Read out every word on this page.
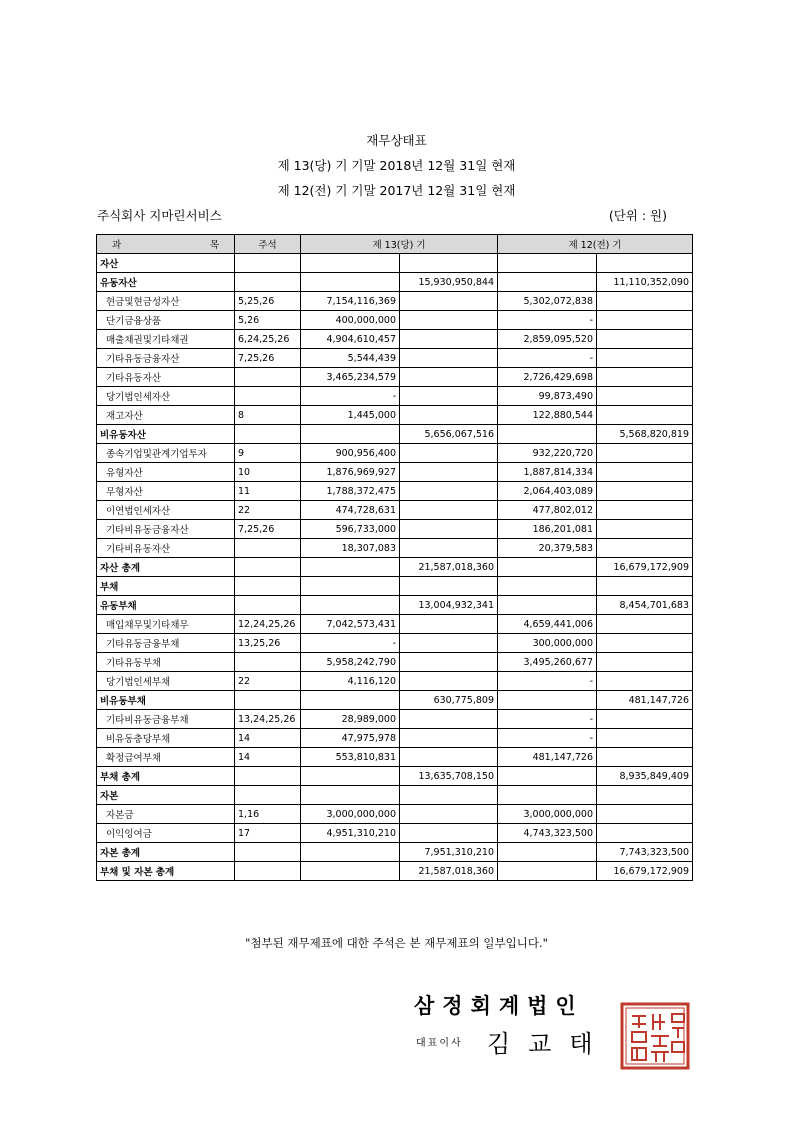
재무상태표
제 13(당) 기 기말 2018년 12월 31일 현재
제 12(전) 기 기말 2017년 12월 31일 현재
주식회사 지마린서비스	(단위 : 원)
과 목	주석	제 13(당) 기		제 12(전) 기	
자산					
유동자산			15,930,950,844		11,110,352,090
현금및현금성자산	5,25,26	7,154,116,369		5,302,072,838	
단기금융상품	5,26	400,000,000		-	
매출채권및기타채권	6,24,25,26	4,904,610,457		2,859,095,520	
기타유동금융자산	7,25,26	5,544,439		-	
기타유동자산		3,465,234,579		2,726,429,698	
당기법인세자산		-		99,873,490	
재고자산	8	1,445,000		122,880,544	
비유동자산			5,656,067,516		5,568,820,819
종속기업및관계기업투자	9	900,956,400		932,220,720	
유형자산	10	1,876,969,927		1,887,814,334	
무형자산	11	1,788,372,475		2,064,403,089	
이연법인세자산	22	474,728,631		477,802,012	
기타비유동금융자산	7,25,26	596,733,000		186,201,081	
기타비유동자산		18,307,083		20,379,583	
자산 총계			21,587,018,360		16,679,172,909
부채					
유동부채			13,004,932,341		8,454,701,683
매입채무및기타채무	12,24,25,26	7,042,573,431		4,659,441,006	
기타유동금융부채	13,25,26	-		300,000,000	
기타유동부채		5,958,242,790		3,495,260,677	
당기법인세부채	22	4,116,120		-	
비유동부채			630,775,809		481,147,726
기타비유동금융부채	13,24,25,26	28,989,000		-	
비유동충당부채	14	47,975,978		-	
확정급여부채	14	553,810,831		481,147,726	
부채 총계			13,635,708,150		8,935,849,409
자본					
자본금	1,16	3,000,000,000		3,000,000,000	
이익잉여금	17	4,951,310,210		4,743,323,500	
자본 총계			7,951,310,210		7,743,323,500
부채 및 자본 총계			21,587,018,360		16,679,172,909
"첨부된 재무제표에 대한 주석은 본 재무제표의 일부입니다."
삼정회계법인
대표이사 김교태
